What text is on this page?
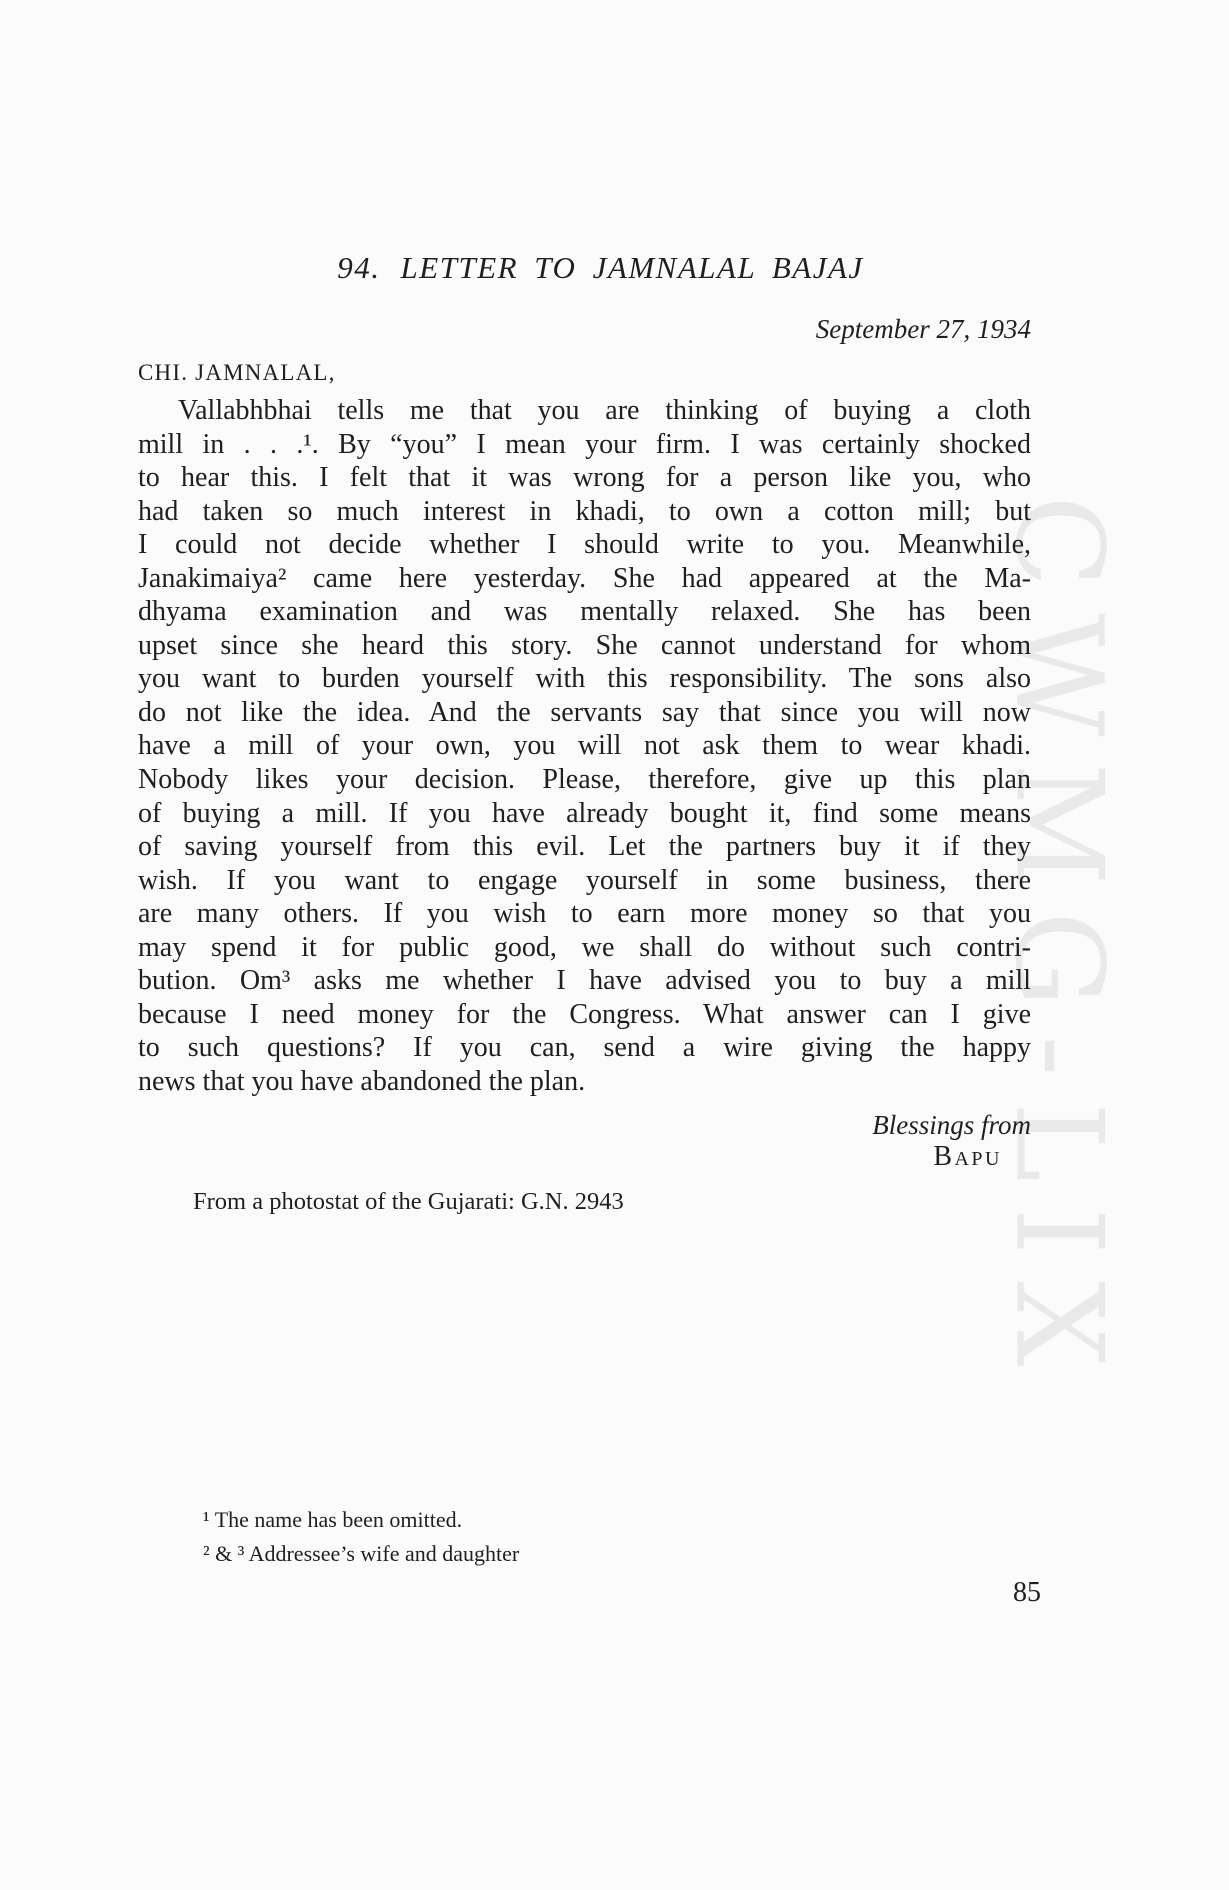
CWMG-LIX
94. LETTER TO JAMNALAL BAJAJ
September 27, 1934
CHI. JAMNALAL,
Vallabhbhai tells me that you are thinking of buying a cloth
mill in . . .¹. By “you” I mean your firm. I was certainly shocked
to hear this. I felt that it was wrong for a person like you, who
had taken so much interest in khadi, to own a cotton mill; but
I could not decide whether I should write to you. Meanwhile,
Janakimaiya² came here yesterday. She had appeared at the Ma-
dhyama examination and was mentally relaxed. She has been
upset since she heard this story. She cannot understand for whom
you want to burden yourself with this responsibility. The sons also
do not like the idea. And the servants say that since you will now
have a mill of your own, you will not ask them to wear khadi.
Nobody likes your decision. Please, therefore, give up this plan
of buying a mill. If you have already bought it, find some means
of saving yourself from this evil. Let the partners buy it if they
wish. If you want to engage yourself in some business, there
are many others. If you wish to earn more money so that you
may spend it for public good, we shall do without such contri-
bution. Om³ asks me whether I have advised you to buy a mill
because I need money for the Congress. What answer can I give
to such questions? If you can, send a wire giving the happy
news that you have abandoned the plan.
Blessings from
Bapu
From a photostat of the Gujarati: G.N. 2943
¹ The name has been omitted.
² & ³ Addressee’s wife and daughter
85
